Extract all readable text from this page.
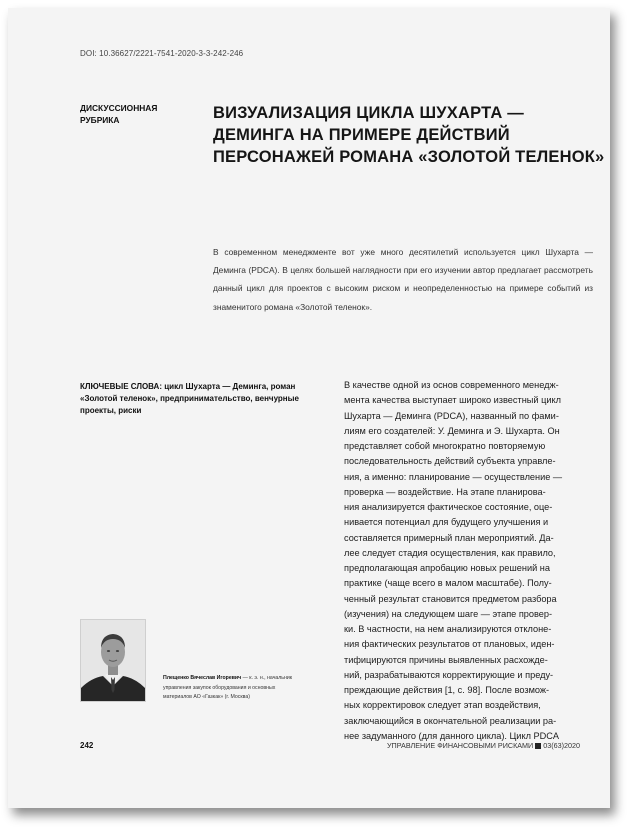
DOI: 10.36627/2221-7541-2020-3-3-242-246
ДИСКУССИОННАЯ
РУБРИКА	ВИЗУАЛИЗАЦИЯ ЦИКЛА ШУХАРТА —
ДЕМИНГА НА ПРИМЕРЕ ДЕЙСТВИЙ
ПЕРСОНАЖЕЙ РОМАНА «ЗОЛОТОЙ ТЕЛЕНОК»

В современном менеджменте вот уже много десятилетий используется цикл Шухарта — Деминга (PDCA). В целях большей наглядности при его изучении автор предлагает рассмотреть данный цикл для проектов с высоким риском и неопределенностью на примере событий из знаменитого романа «Золотой теленок».

КЛЮЧЕВЫЕ СЛОВА: цикл Шухарта — Деминга, роман «Золотой теленок», предпринимательство, венчурные проекты, риски
Плещенко Вячеслав Игоревич — к. э. н., начальник управления закупок оборудования и основных материалов АО «Газкак» (г. Москва)
В качестве одной из основ современного менедж-
мента качества выступает широко известный цикл
Шухарта — Деминга (PDCA), названный по фами-
лиям его создателей: У. Деминга и Э. Шухарта. Он
представляет собой многократно повторяемую
последовательность действий субъекта управле-
ния, а именно: планирование — осуществление —
проверка — воздействие. На этапе планирова-
ния анализируется фактическое состояние, оце-
нивается потенциал для будущего улучшения и
составляется примерный план мероприятий. Да-
лее следует стадия осуществления, как правило,
предполагающая апробацию новых решений на
практике (чаще всего в малом масштабе). Полу-
ченный результат становится предметом разбора
(изучения) на следующем шаге — этапе провер-
ки. В частности, на нем анализируются отклоне-
ния фактических результатов от плановых, иден-
тифицируются причины выявленных расхожде-
ний, разрабатываются корректирующие и преду-
преждающие действия [1, с. 98]. После возмож-
ных корректировок следует этап воздействия,
заключающийся в окончательной реализации ра-
нее задуманного (для данного цикла). Цикл PDCA
242	УПРАВЛЕНИЕ ФИНАНСОВЫМИ РИСКАМИ 03(63)2020
